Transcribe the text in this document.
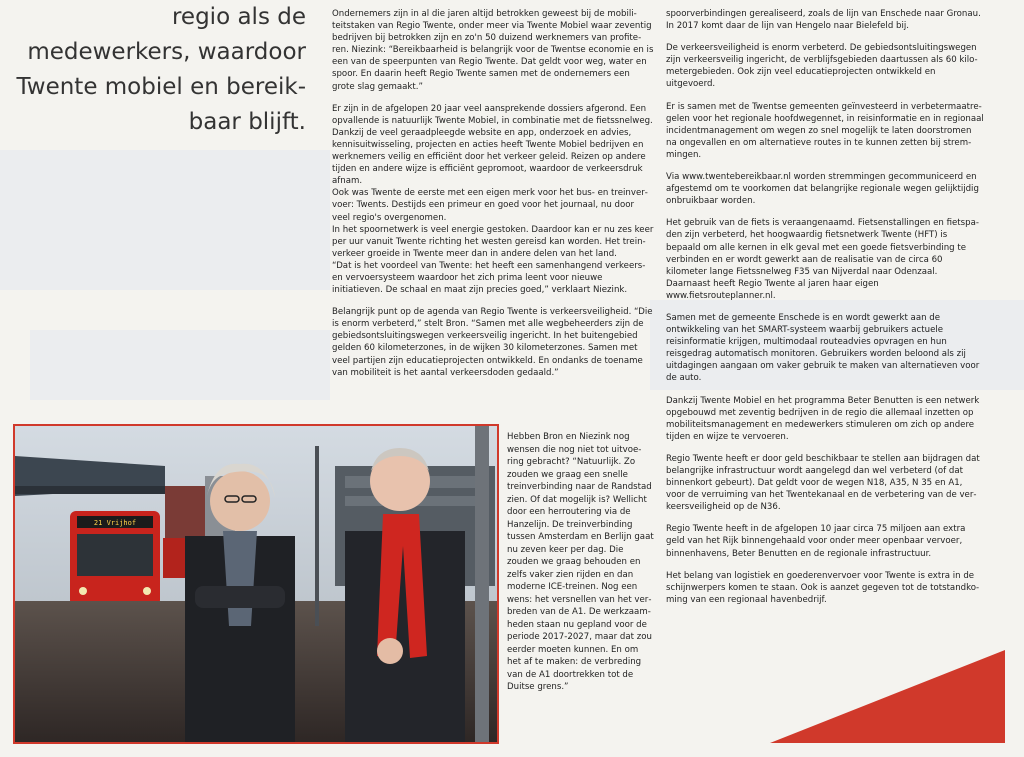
regio als de
medewerkers, waardoor
Twente mobiel en bereik-
baar blijft.

Ondernemers zijn in al die jaren altijd betrokken geweest bij de mobiliteitstaken van Regio Twente, onder meer via Twente Mobiel waar zeventig bedrijven bij betrokken zijn en zo'n 50 duizend werknemers van profiteren. Niezink: “Bereikbaarheid is belangrijk voor de Twentse economie en is een van de speerpunten van Regio Twente. Dat geldt voor weg, water en spoor. En daarin heeft Regio Twente samen met de ondernemers een grote slag gemaakt.”

Er zijn in de afgelopen 20 jaar veel aansprekende dossiers afgerond. Een opvallende is natuurlijk Twente Mobiel, in combinatie met de fietssnelweg. Dankzij de veel geraadpleegde website en app, onderzoek en advies, kennisuitwisseling, projecten en acties heeft Twente Mobiel bedrijven en werknemers veilig en efficiënt door het verkeer geleid. Reizen op andere tijden en andere wijze is efficiënt gepromoot, waardoor de verkeersdruk afnam.

Ook was Twente de eerste met een eigen merk voor het bus- en treinvervoer: Twents. Destijds een primeur en goed voor het journaal, nu door veel regio's overgenomen.

In het spoornetwerk is veel energie gestoken. Daardoor kan er nu zes keer per uur vanuit Twente richting het westen gereisd kan worden. Het treinverkeer groeide in Twente meer dan in andere delen van het land.

“Dat is het voordeel van Twente: het heeft een samenhangend verkeers- en vervoersysteem waardoor het zich prima leent voor nieuwe initiatieven. De schaal en maat zijn precies goed,” verklaart Niezink.

Belangrijk punt op de agenda van Regio Twente is verkeersveiligheid. “Die is enorm verbeterd,” stelt Bron. “Samen met alle wegbeheerders zijn de gebiedsontsluitingswegen verkeersveilig ingericht. In het buitengebied gelden 60 kilometerzones, in de wijken 30 kilometerzones. Samen met veel partijen zijn educatieprojecten ontwikkeld. En ondanks de toename van mobiliteit is het aantal verkeersdoden gedaald.”

Hebben Bron en Niezink nog wensen die nog niet tot uitvoering gebracht? “Natuurlijk. Zo zouden we graag een snelle treinverbinding naar de Randstad zien. Of dat mogelijk is? Wellicht door een herroutering via de Hanzelijn. De treinverbinding tussen Amsterdam en Berlijn gaat nu zeven keer per dag. Die zouden we graag behouden en zelfs vaker zien rijden en dan moderne ICE-treinen. Nog een wens: het versnellen van het verbreden van de A1. De werkzaamheden staan nu gepland voor de periode 2017-2027, maar dat zou eerder moeten kunnen. En om het af te maken: de verbreding van de A1 doortrekken tot de Duitse grens.”

spoorverbindingen gerealiseerd, zoals de lijn van Enschede naar Gronau. In 2017 komt daar de lijn van Hengelo naar Bielefeld bij.

De verkeersveiligheid is enorm verbeterd. De gebiedsontsluitingswegen zijn verkeersveilig ingericht, de verblijfsgebieden daartussen als 60 kilometergebieden. Ook zijn veel educatieprojecten ontwikkeld en uitgevoerd.

Er is samen met de Twentse gemeenten geïnvesteerd in verbetermaatregelen voor het regionale hoofdwegennet, in reisinformatie en in regionaal incidentmanagement om wegen zo snel mogelijk te laten doorstromen na ongevallen en om alternatieve routes in te kunnen zetten bij stremmingen.

Via www.twentebereikbaar.nl worden stremmingen gecommuniceerd en afgestemd om te voorkomen dat belangrijke regionale wegen gelijktijdig onbruikbaar worden.

Het gebruik van de fiets is veraangenaamd. Fietsenstallingen en fietspaden zijn verbeterd, het hoogwaardig fietsnetwerk Twente (HFT) is bepaald om alle kernen in elk geval met een goede fietsverbinding te verbinden en er wordt gewerkt aan de realisatie van de circa 60 kilometer lange Fietssnelweg F35 van Nijverdal naar Odenzaal. Daarnaast heeft Regio Twente al jaren haar eigen www.fietsrouteplanner.nl.

Samen met de gemeente Enschede is en wordt gewerkt aan de ontwikkeling van het SMART-systeem waarbij gebruikers actuele reisinformatie krijgen, multimodaal routeadvies opvragen en hun reisgedrag automatisch monitoren. Gebruikers worden beloond als zij uitdagingen aangaan om vaker gebruik te maken van alternatieven voor de auto.

Dankzij Twente Mobiel en het programma Beter Benutten is een netwerk opgebouwd met zeventig bedrijven in de regio die allemaal inzetten op mobiliteitsmanagement en medewerkers stimuleren om zich op andere tijden en wijze te vervoeren.

Regio Twente heeft er door geld beschikbaar te stellen aan bijdragen dat belangrijke infrastructuur wordt aangelegd dan wel verbeterd (of dat binnenkort gebeurt). Dat geldt voor de wegen N18, A35, N 35 en A1, voor de verruiming van het Twentekanaal en de verbetering van de verkeersveiligheid op de N36.

Regio Twente heeft in de afgelopen 10 jaar circa 75 miljoen aan extra geld van het Rijk binnengehaald voor onder meer openbaar vervoer, binnenhavens, Beter Benutten en de regionale infrastructuur.

Het belang van logistiek en goederenvervoer voor Twente is extra in de schijnwerpers komen te staan. Ook is aanzet gegeven tot de totstandkoming van een regionaal havenbedrijf.

21 Vrijhof
